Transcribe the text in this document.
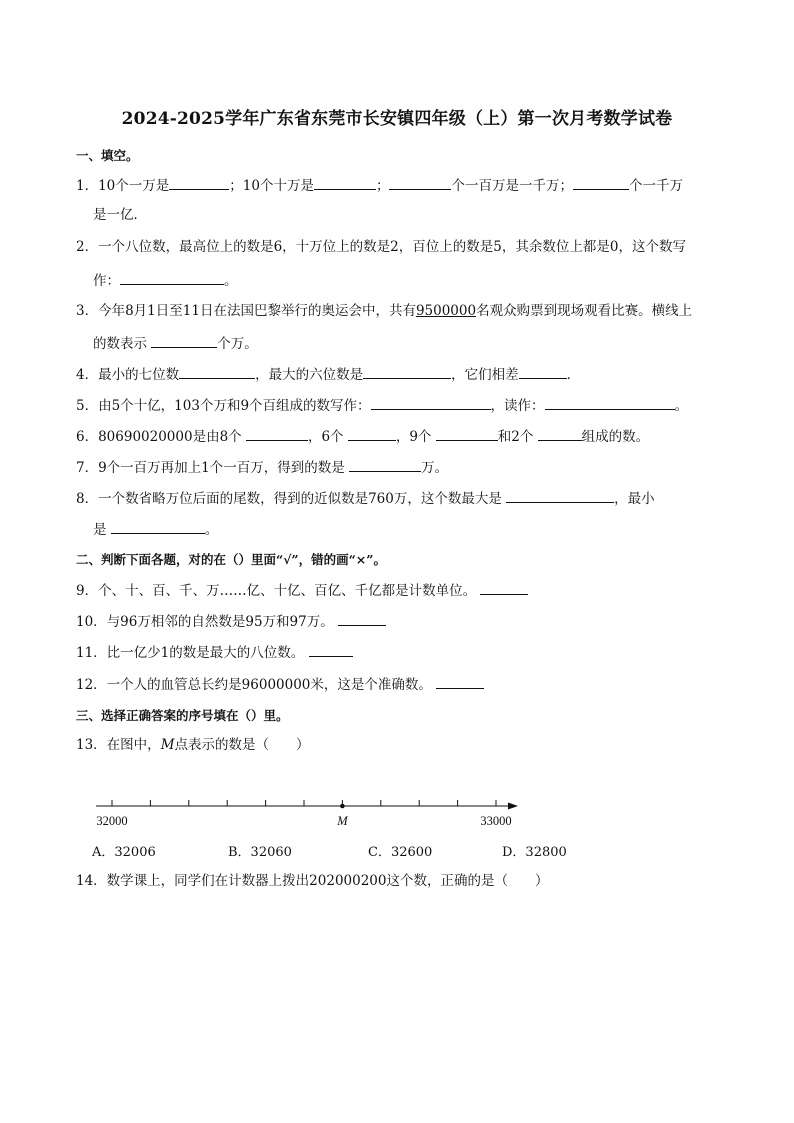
2024-2025学年广东省东莞市长安镇四年级（上）第一次月考数学试卷
一、填空。
1．10个一万是	；10个十万是	；	个一百万是一千万；	个一千万
是一亿．
2．一个八位数，最高位上的数是6，十万位上的数是2，百位上的数是5，其余数位上都是0，这个数写
作：	。
3．今年8月1日至11日在法国巴黎举行的奥运会中，共有9500000名观众购票到现场观看比赛。横线上
的数表示	个万。
4．最小的七位数	，最大的六位数是	，它们相差	．
5．由5个十亿，103个万和9个百组成的数写作：	，读作：	。
6．80690020000是由8个	，6个	，9个	和2个	组成的数。
7．9个一百万再加上1个一百万，得到的数是	万。
8．一个数省略万位后面的尾数，得到的近似数是760万，这个数最大是	，最小
是	。
二、判断下面各题，对的在（）里面“√”，错的画“×”。
9．个、十、百、千、万……亿、十亿、百亿、千亿都是计数单位。
10．与96万相邻的自然数是95万和97万。
11．比一亿少1的数是最大的八位数。
12．一个人的血管总长约是96000000米，这是个准确数。
三、选择正确答案的序号填在（）里。
13．在图中，M点表示的数是（　　）
32000	33000
M
A．32006	B．32060	C．32600	D．32800
14．数学课上，同学们在计数器上拨出202000200这个数，正确的是（　　）
